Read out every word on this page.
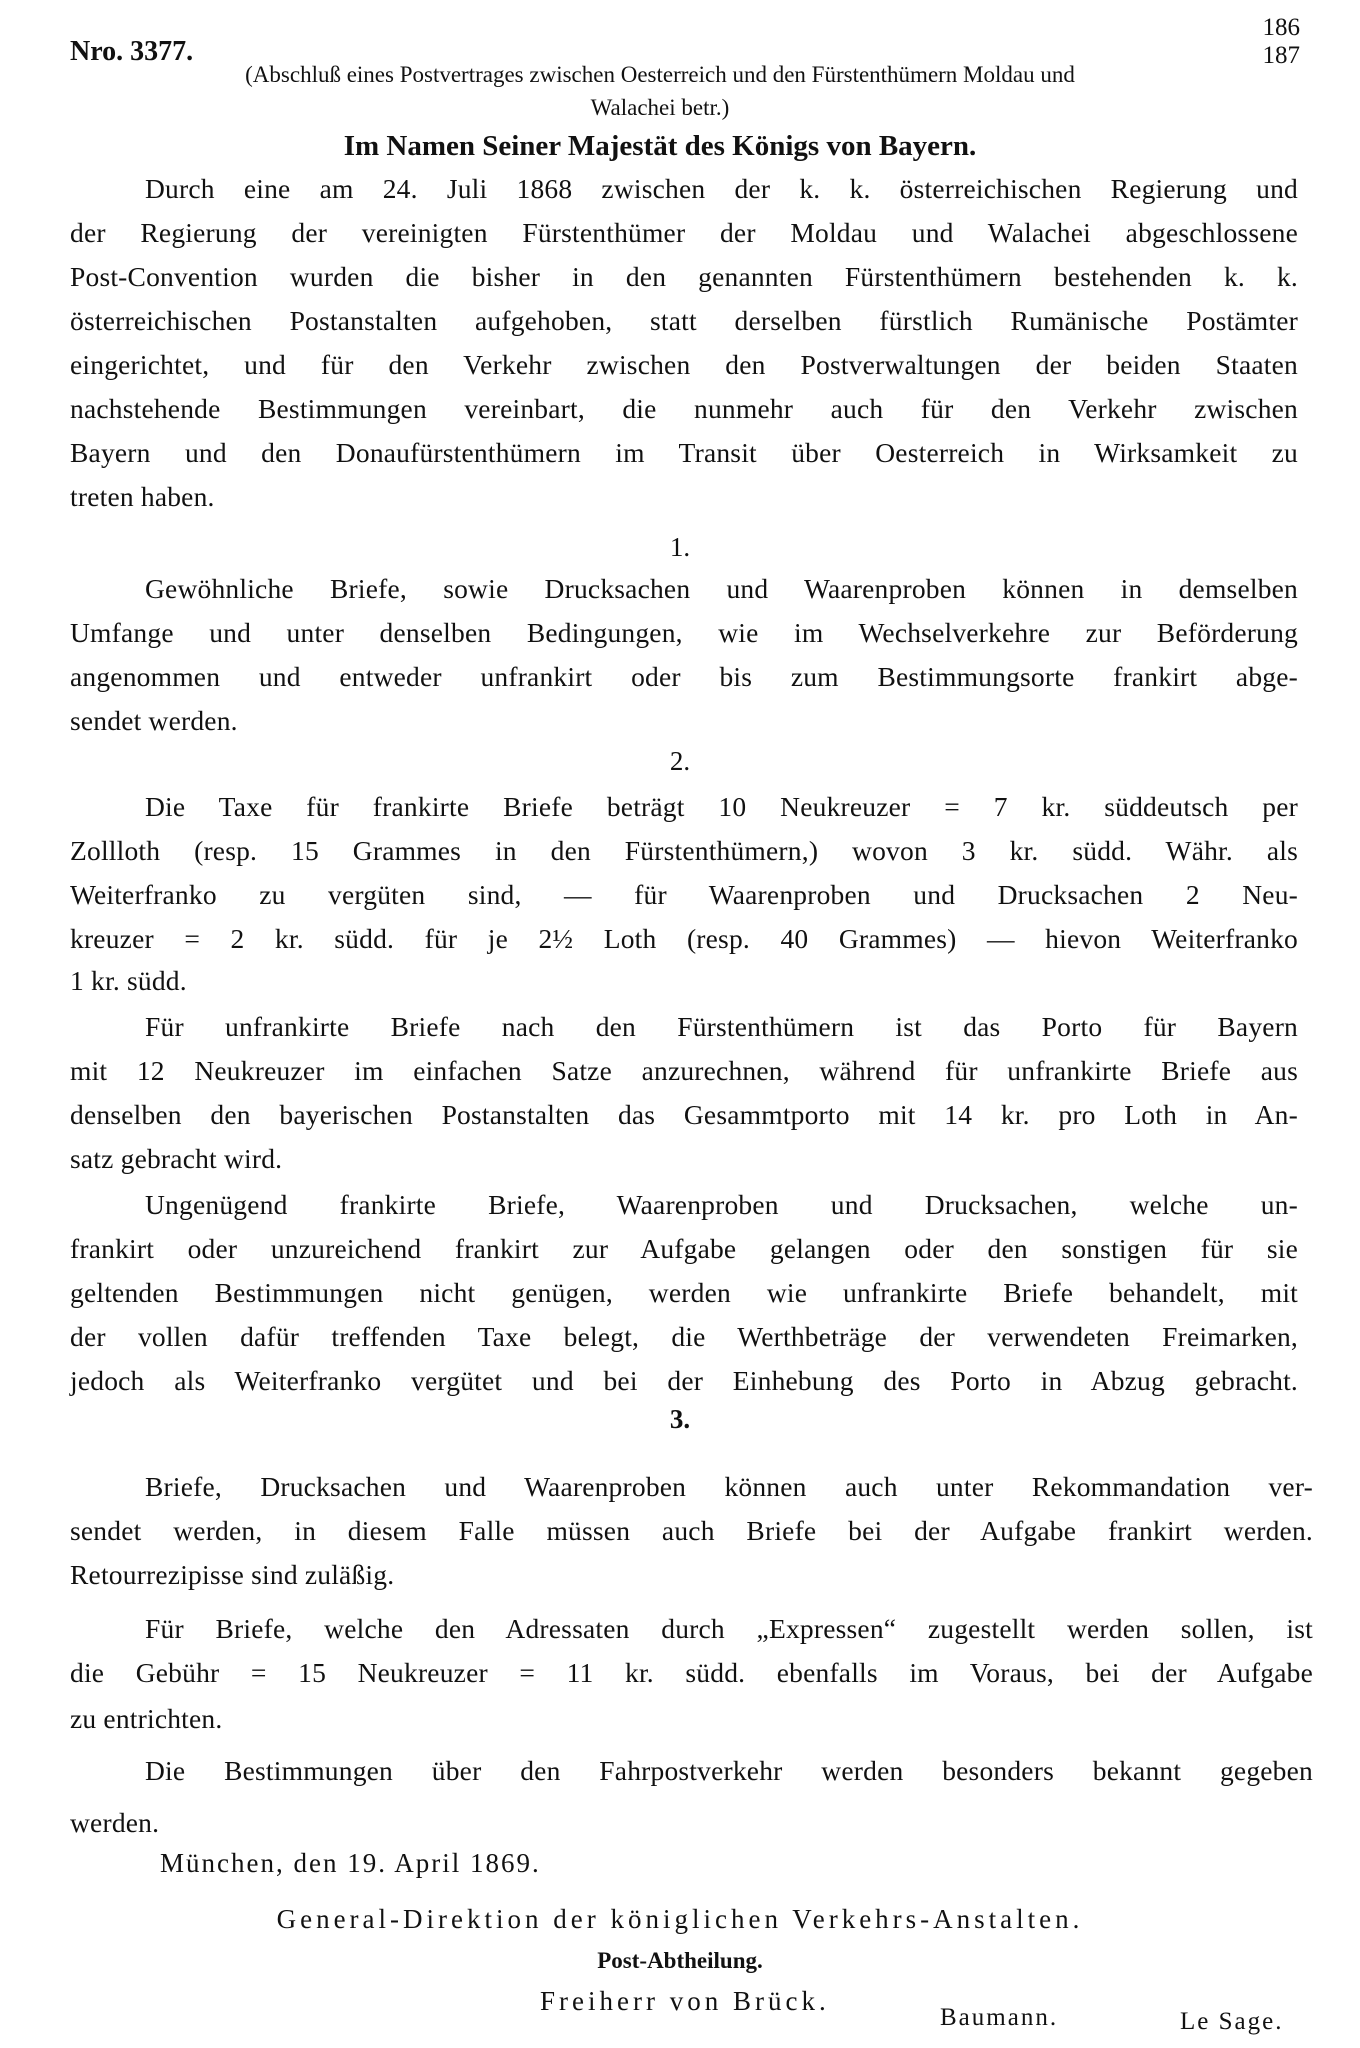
186
187
Nro. 3377.
(Abschluß eines Postvertrages zwischen Oesterreich und den Fürstenthümern Moldau und
Walachei betr.)
Im Namen Seiner Majestät des Königs von Bayern.
Durch eine am 24. Juli 1868 zwischen der k. k. österreichischen Regierung und
der Regierung der vereinigten Fürstenthümer der Moldau und Walachei abgeschlossene
Post-Convention wurden die bisher in den genannten Fürstenthümern bestehenden k. k.
österreichischen Postanstalten aufgehoben, statt derselben fürstlich Rumänische Postämter
eingerichtet, und für den Verkehr zwischen den Postverwaltungen der beiden Staaten
nachstehende Bestimmungen vereinbart, die nunmehr auch für den Verkehr zwischen
Bayern und den Donaufürstenthümern im Transit über Oesterreich in Wirksamkeit zu
treten haben.
1.
Gewöhnliche Briefe, sowie Drucksachen und Waarenproben können in demselben
Umfange und unter denselben Bedingungen, wie im Wechselverkehre zur Beförderung
angenommen und entweder unfrankirt oder bis zum Bestimmungsorte frankirt abge-
sendet werden.
2.
Die Taxe für frankirte Briefe beträgt 10 Neukreuzer = 7 kr. süddeutsch per
Zollloth (resp. 15 Grammes in den Fürstenthümern,) wovon 3 kr. südd. Währ. als
Weiterfranko zu vergüten sind, — für Waarenproben und Drucksachen 2 Neu-
kreuzer = 2 kr. südd. für je 2½ Loth (resp. 40 Grammes) — hievon Weiterfranko
1 kr. südd.
Für unfrankirte Briefe nach den Fürstenthümern ist das Porto für Bayern
mit 12 Neukreuzer im einfachen Satze anzurechnen, während für unfrankirte Briefe aus
denselben den bayerischen Postanstalten das Gesammtporto mit 14 kr. pro Loth in An-
satz gebracht wird.
Ungenügend frankirte Briefe, Waarenproben und Drucksachen, welche un-
frankirt oder unzureichend frankirt zur Aufgabe gelangen oder den sonstigen für sie
geltenden Bestimmungen nicht genügen, werden wie unfrankirte Briefe behandelt, mit
der vollen dafür treffenden Taxe belegt, die Werthbeträge der verwendeten Freimarken,
jedoch als Weiterfranko vergütet und bei der Einhebung des Porto in Abzug gebracht.
3.
Briefe, Drucksachen und Waarenproben können auch unter Rekommandation ver-
sendet werden, in diesem Falle müssen auch Briefe bei der Aufgabe frankirt werden.
Retourrezipisse sind zuläßig.
Für Briefe, welche den Adressaten durch „Expressen“ zugestellt werden sollen, ist
die Gebühr = 15 Neukreuzer = 11 kr. südd. ebenfalls im Voraus, bei der Aufgabe
zu entrichten.
Die Bestimmungen über den Fahrpostverkehr werden besonders bekannt gegeben
werden.
München, den 19. April 1869.
General-Direktion der königlichen Verkehrs-Anstalten.
Post-Abtheilung.
Freiherr von Brück.
Baumann.	Le Sage.
